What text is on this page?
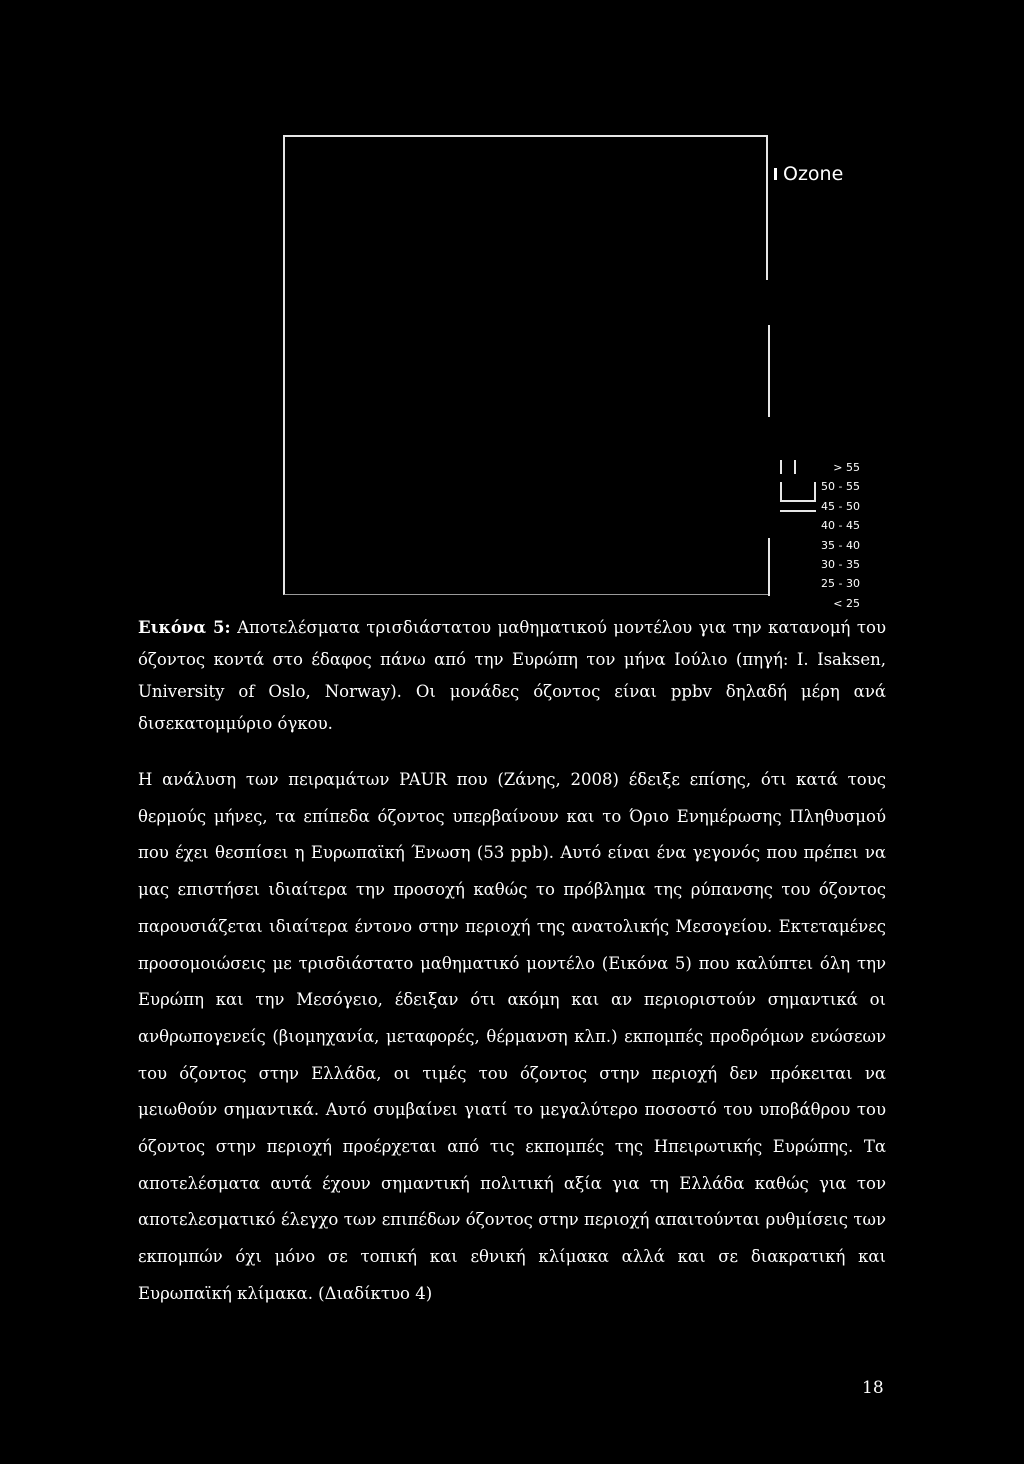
Ozone
> 55
50 - 55
45 - 50
40 - 45
35 - 40
30 - 35
25 - 30
< 25
Εικόνα 5: Αποτελέσματα τρισδιάστατου μαθηματικού μοντέλου για την κατανομή του όζοντος κοντά στο έδαφος πάνω από την Ευρώπη τον μήνα Ιούλιο (πηγή: Ι. Isaksen, University of Oslo, Norway). Οι μονάδες όζοντος είναι ppbv δηλαδή μέρη ανά δισεκατομμύριο όγκου.
Η ανάλυση των πειραμάτων PAUR που (Ζάνης, 2008) έδειξε επίσης, ότι κατά τους θερμούς μήνες, τα επίπεδα όζοντος υπερβαίνουν και το Όριο Ενημέρωσης Πληθυσμού που έχει θεσπίσει η Ευρωπαϊκή Ένωση (53 ppb). Αυτό είναι ένα γεγονός που πρέπει να μας επιστήσει ιδιαίτερα την προσοχή καθώς το πρόβλημα της ρύπανσης του όζοντος παρουσιάζεται ιδιαίτερα έντονο στην περιοχή της ανατολικής Μεσογείου. Εκτεταμένες προσομοιώσεις με τρισδιάστατο μαθηματικό μοντέλο (Εικόνα 5) που καλύπτει όλη την Ευρώπη και την Μεσόγειο, έδειξαν ότι ακόμη και αν περιοριστούν σημαντικά οι ανθρωπογενείς (βιομηχανία, μεταφορές, θέρμανση κλπ.) εκπομπές προδρόμων ενώσεων του όζοντος στην Ελλάδα, οι τιμές του όζοντος στην περιοχή δεν πρόκειται να μειωθούν σημαντικά. Αυτό συμβαίνει γιατί το μεγαλύτερο ποσοστό του υποβάθρου του όζοντος στην περιοχή προέρχεται από τις εκπομπές της Ηπειρωτικής Ευρώπης. Τα αποτελέσματα αυτά έχουν σημαντική πολιτική αξία για τη Ελλάδα καθώς για τον αποτελεσματικό έλεγχο των επιπέδων όζοντος στην περιοχή απαιτούνται ρυθμίσεις των εκπομπών όχι μόνο σε τοπική και εθνική κλίμακα αλλά και σε διακρατική και Ευρωπαϊκή κλίμακα. (Διαδίκτυο 4)
18
